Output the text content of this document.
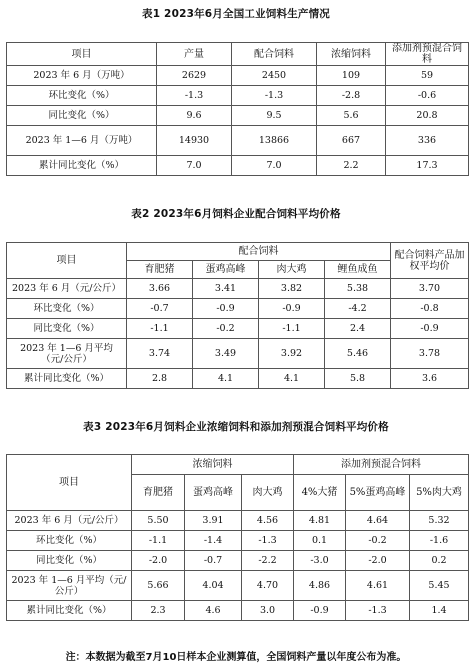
表1 2023年6月全国工业饲料生产情况
项目	产量	配合饲料	浓缩饲料	添加剂预混合饲料
2023 年 6 月（万吨）	2629	2450	109	59
环比变化（%）	-1.3	-1.3	-2.8	-0.6
同比变化（%）	9.6	9.5	5.6	20.8
2023 年 1—6 月（万吨）	14930	13866	667	336
累计同比变化（%）	7.0	7.0	2.2	17.3
表2 2023年6月饲料企业配合饲料平均价格
项目	配合饲料				配合饲料产品加权平均价
	育肥猪	蛋鸡高峰	肉大鸡	鲤鱼成鱼	
2023 年 6 月（元/公斤）	3.66	3.41	3.82	5.38	3.70
环比变化（%）	-0.7	-0.9	-0.9	-4.2	-0.8
同比变化（%）	-1.1	-0.2	-1.1	2.4	-0.9
2023 年 1—6 月平均（元/公斤）	3.74	3.49	3.92	5.46	3.78
累计同比变化（%）	2.8	4.1	4.1	5.8	3.6
表3 2023年6月饲料企业浓缩饲料和添加剂预混合饲料平均价格
项目	浓缩饲料			添加剂预混合饲料		
	育肥猪	蛋鸡高峰	肉大鸡	4%大猪	5%蛋鸡高峰	5%肉大鸡
2023 年 6 月（元/公斤）	5.50	3.91	4.56	4.81	4.64	5.32
环比变化（%）	-1.1	-1.4	-1.3	0.1	-0.2	-1.6
同比变化（%）	-2.0	-0.7	-2.2	-3.0	-2.0	0.2
2023 年 1—6 月平均（元/公斤）	5.66	4.04	4.70	4.86	4.61	5.45
累计同比变化（%）	2.3	4.6	3.0	-0.9	-1.3	1.4
注：本数据为截至7月10日样本企业测算值，全国饲料产量以年度公布为准。
